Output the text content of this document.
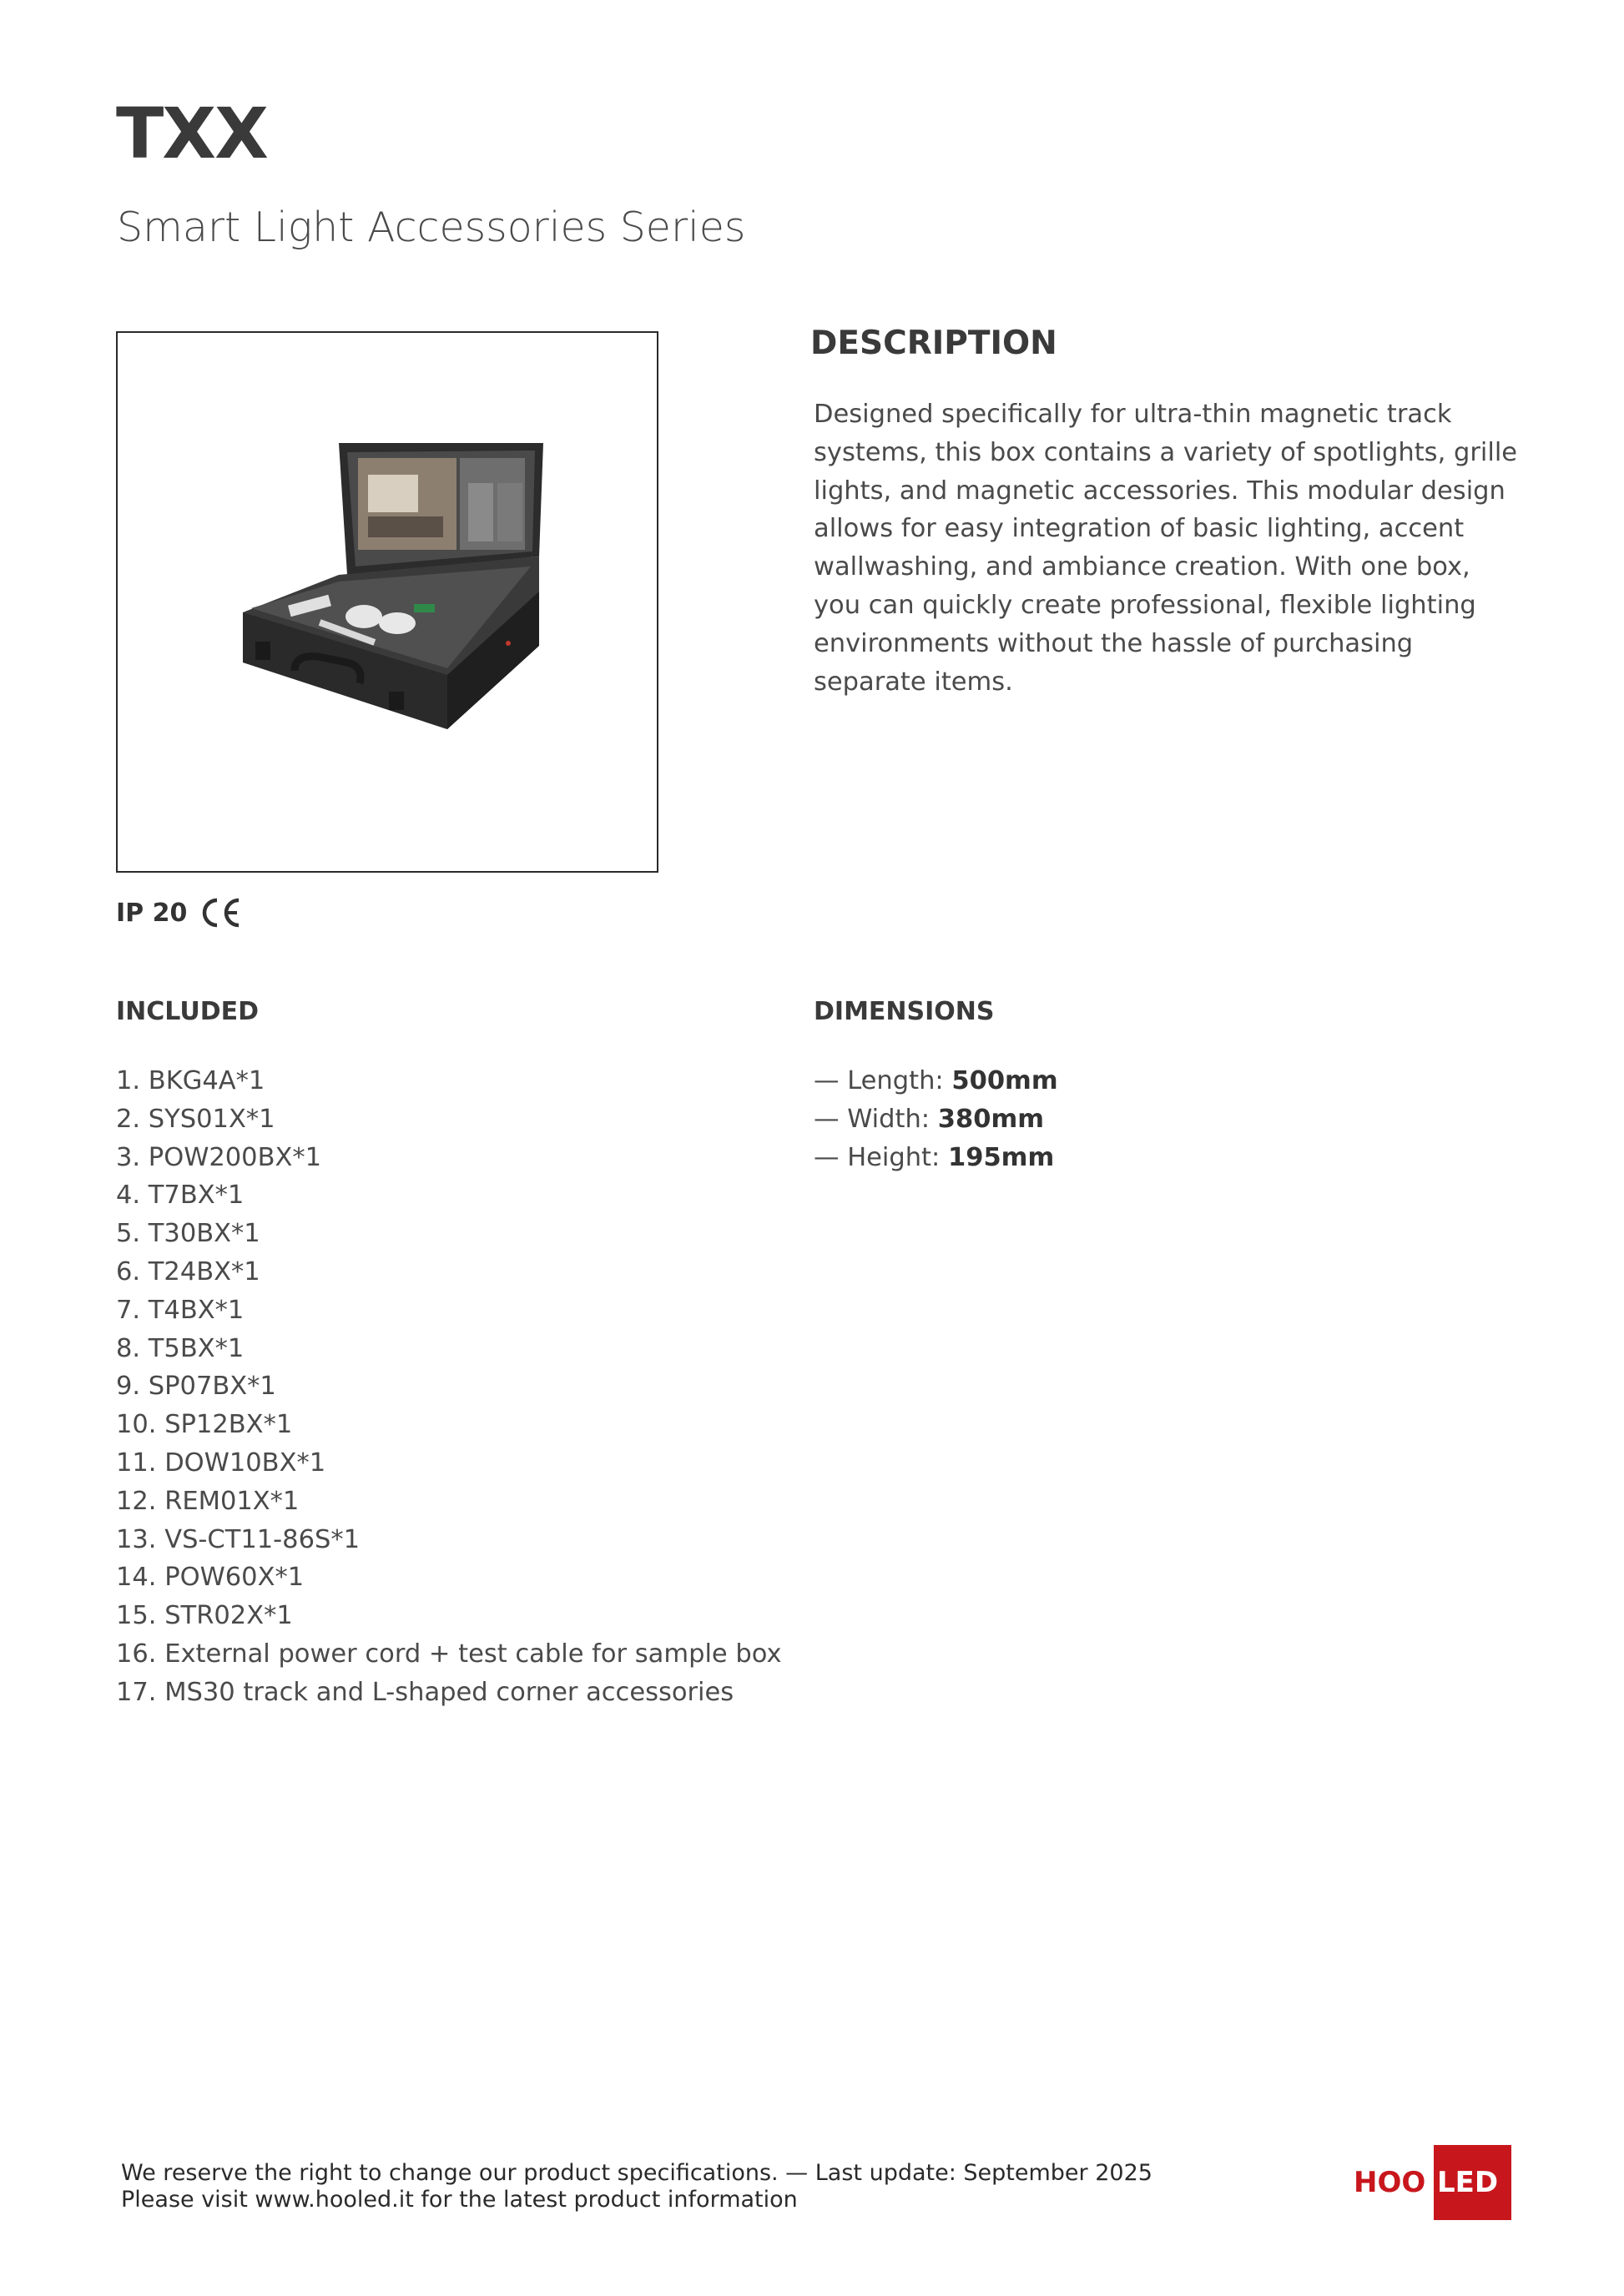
TXX
Smart Light Accessories Series
IP 20
DESCRIPTION
Designed specifically for ultra-thin magnetic track
systems, this box contains a variety of spotlights, grille
lights, and magnetic accessories. This modular design
allows for easy integration of basic lighting, accent
wallwashing, and ambiance creation. With one box,
you can quickly create professional, flexible lighting
environments without the hassle of purchasing
separate items.
INCLUDED
1. BKG4A*1
2. SYS01X*1
3. POW200BX*1
4. T7BX*1
5. T30BX*1
6. T24BX*1
7. T4BX*1
8. T5BX*1
9. SP07BX*1
10. SP12BX*1
11. DOW10BX*1
12. REM01X*1
13. VS-CT11-86S*1
14. POW60X*1
15. STR02X*1
16. External power cord + test cable for sample box
17. MS30 track and L-shaped corner accessories
DIMENSIONS
— Length: 500mm
— Width: 380mm
— Height: 195mm
We reserve the right to change our product specifications. — Last update: September 2025
Please visit www.hooled.it for the latest product information
HOO LED
